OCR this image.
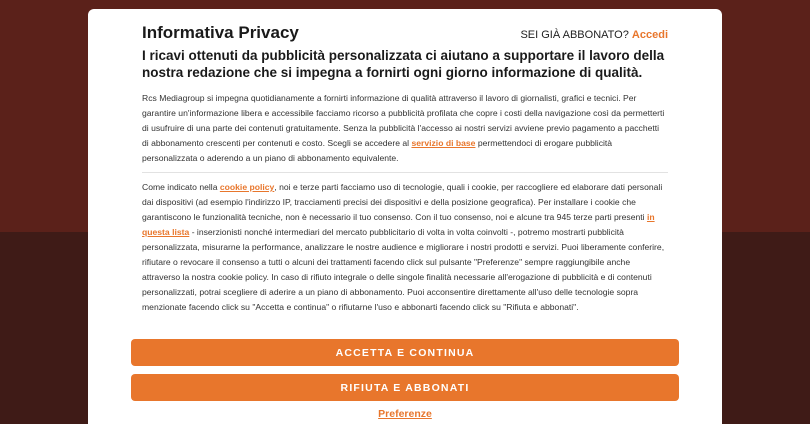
Informativa Privacy	SEI GIÀ ABBONATO? Accedi
I ricavi ottenuti da pubblicità personalizzata ci aiutano a supportare il lavoro della nostra redazione che si impegna a fornirti ogni giorno informazione di qualità.

Rcs Mediagroup si impegna quotidianamente a fornirti informazione di qualità attraverso il lavoro di giornalisti, grafici e tecnici. Per garantire un'informazione libera e accessibile facciamo ricorso a pubblicità profilata che copre i costi della navigazione così da permetterti di usufruire di una parte dei contenuti gratuitamente. Senza la pubblicità l'accesso ai nostri servizi avviene previo pagamento a pacchetti di abbonamento crescenti per contenuti e costo. Scegli se accedere al servizio di base permettendoci di erogare pubblicità personalizzata o aderendo a un piano di abbonamento equivalente.

Come indicato nella cookie policy, noi e terze parti facciamo uso di tecnologie, quali i cookie, per raccogliere ed elaborare dati personali dai dispositivi (ad esempio l'indirizzo IP, tracciamenti precisi dei dispositivi e della posizione geografica). Per installare i cookie che garantiscono le funzionalità tecniche, non è necessario il tuo consenso. Con il tuo consenso, noi e alcune tra 945 terze parti presenti in questa lista - inserzionisti nonché intermediari del mercato pubblicitario di volta in volta coinvolti -, potremo mostrarti pubblicità personalizzata, misurarne la performance, analizzare le nostre audience e migliorare i nostri prodotti e servizi. Puoi liberamente conferire, rifiutare o revocare il consenso a tutti o alcuni dei trattamenti facendo click sul pulsante "Preferenze" sempre raggiungibile anche attraverso la nostra cookie policy. In caso di rifiuto integrale o delle singole finalità necessarie all'erogazione di pubblicità e di contenuti personalizzati, potrai scegliere di aderire a un piano di abbonamento. Puoi acconsentire direttamente all'uso delle tecnologie sopra menzionate facendo click su "Accetta e continua" o rifiutarne l'uso e abbonarti facendo click su "Rifiuta e abbonati".

ACCETTA E CONTINUA
RIFIUTA E ABBONATI
Preferenze
